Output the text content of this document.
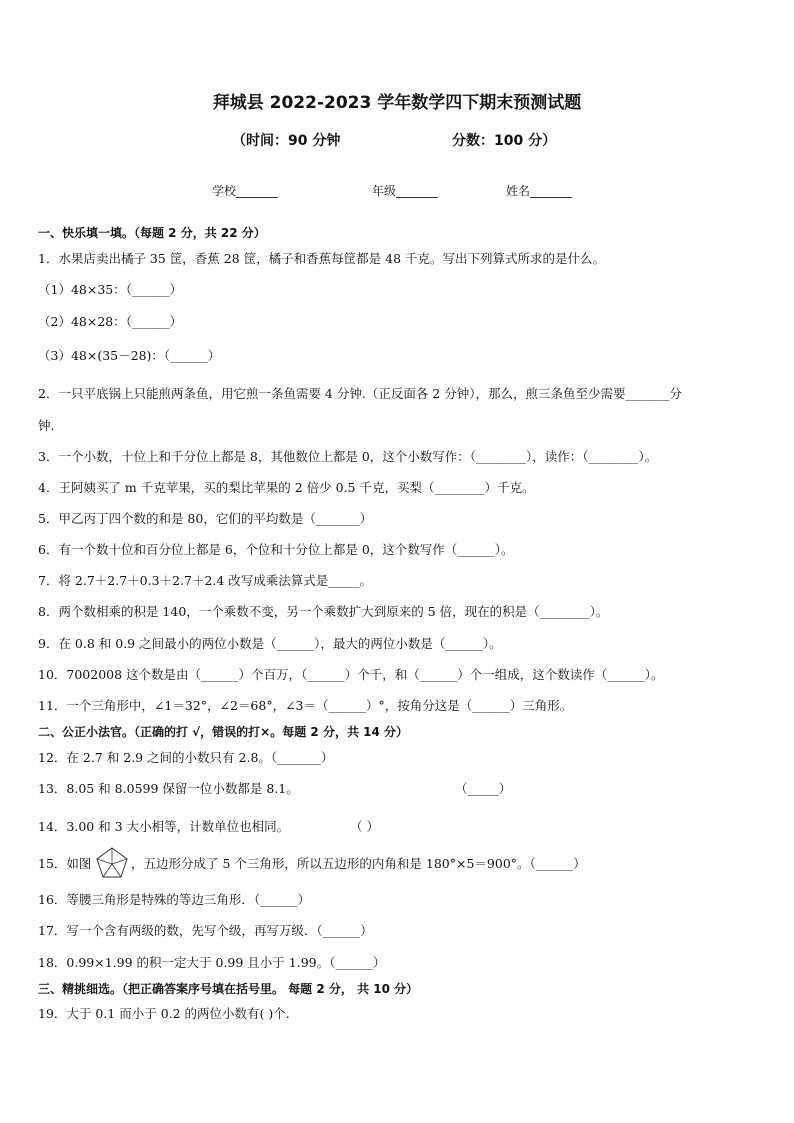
拜城县 2022-2023 学年数学四下期末预测试题
（时间：90 分钟	分数：100 分）
学校_______	年级_______	姓名_______
一、快乐填一填。（每题 2 分，共 22 分）
1．水果店卖出橘子 35 筐，香蕉 28 筐，橘子和香蕉每筐都是 48 千克。写出下列算式所求的是什么。
（1）48×35：（______）
（2）48×28：（______）
（3）48×(35－28)：（______）
2．一只平底锅上只能煎两条鱼，用它煎一条鱼需要 4 分钟.（正反面各 2 分钟），那么，煎三条鱼至少需要_______分
钟.
3．一个小数，十位上和千分位上都是 8，其他数位上都是 0，这个小数写作：（________），读作：（________）。
4．王阿姨买了 m 千克苹果，买的梨比苹果的 2 倍少 0.5 千克，买梨（________）千克。
5．甲乙丙丁四个数的和是 80，它们的平均数是（_______）
6．有一个数十位和百分位上都是 6，个位和十分位上都是 0，这个数写作（______）。
7．将 2.7＋2.7＋0.3＋2.7＋2.4 改写成乘法算式是_____。
8．两个数相乘的积是 140，一个乘数不变，另一个乘数扩大到原来的 5 倍，现在的积是（________）。
9．在 0.8 和 0.9 之间最小的两位小数是（______），最大的两位小数是（______）。
10．7002008 这个数是由（______）个百万，（______）个千，和（______）个一组成，这个数读作（______）。
11．一个三角形中，∠1＝32°，∠2＝68°，∠3＝（______）°，按角分这是（______）三角形。
二、公正小法官。（正确的打 √，错误的打×。每题 2 分，共 14 分）
12．在 2.7 和 2.9 之间的小数只有 2.8。（_______）
13．8.05 和 8.0599 保留一位小数都是 8.1。	（_____）
14．3.00 和 3 大小相等，计数单位也相同。	（ ）
15．如图	，五边形分成了 5 个三角形，所以五边形的内角和是 180°×5＝900°。（______）
16．等腰三角形是特殊的等边三角形．（______）
17．写一个含有两级的数，先写个级，再写万级．（______）
18．0.99×1.99 的积一定大于 0.99 且小于 1.99。（______）
三、精挑细选。（把正确答案序号填在括号里。 每题 2 分， 共 10 分）
19．大于 0.1 而小于 0.2 的两位小数有( )个.
